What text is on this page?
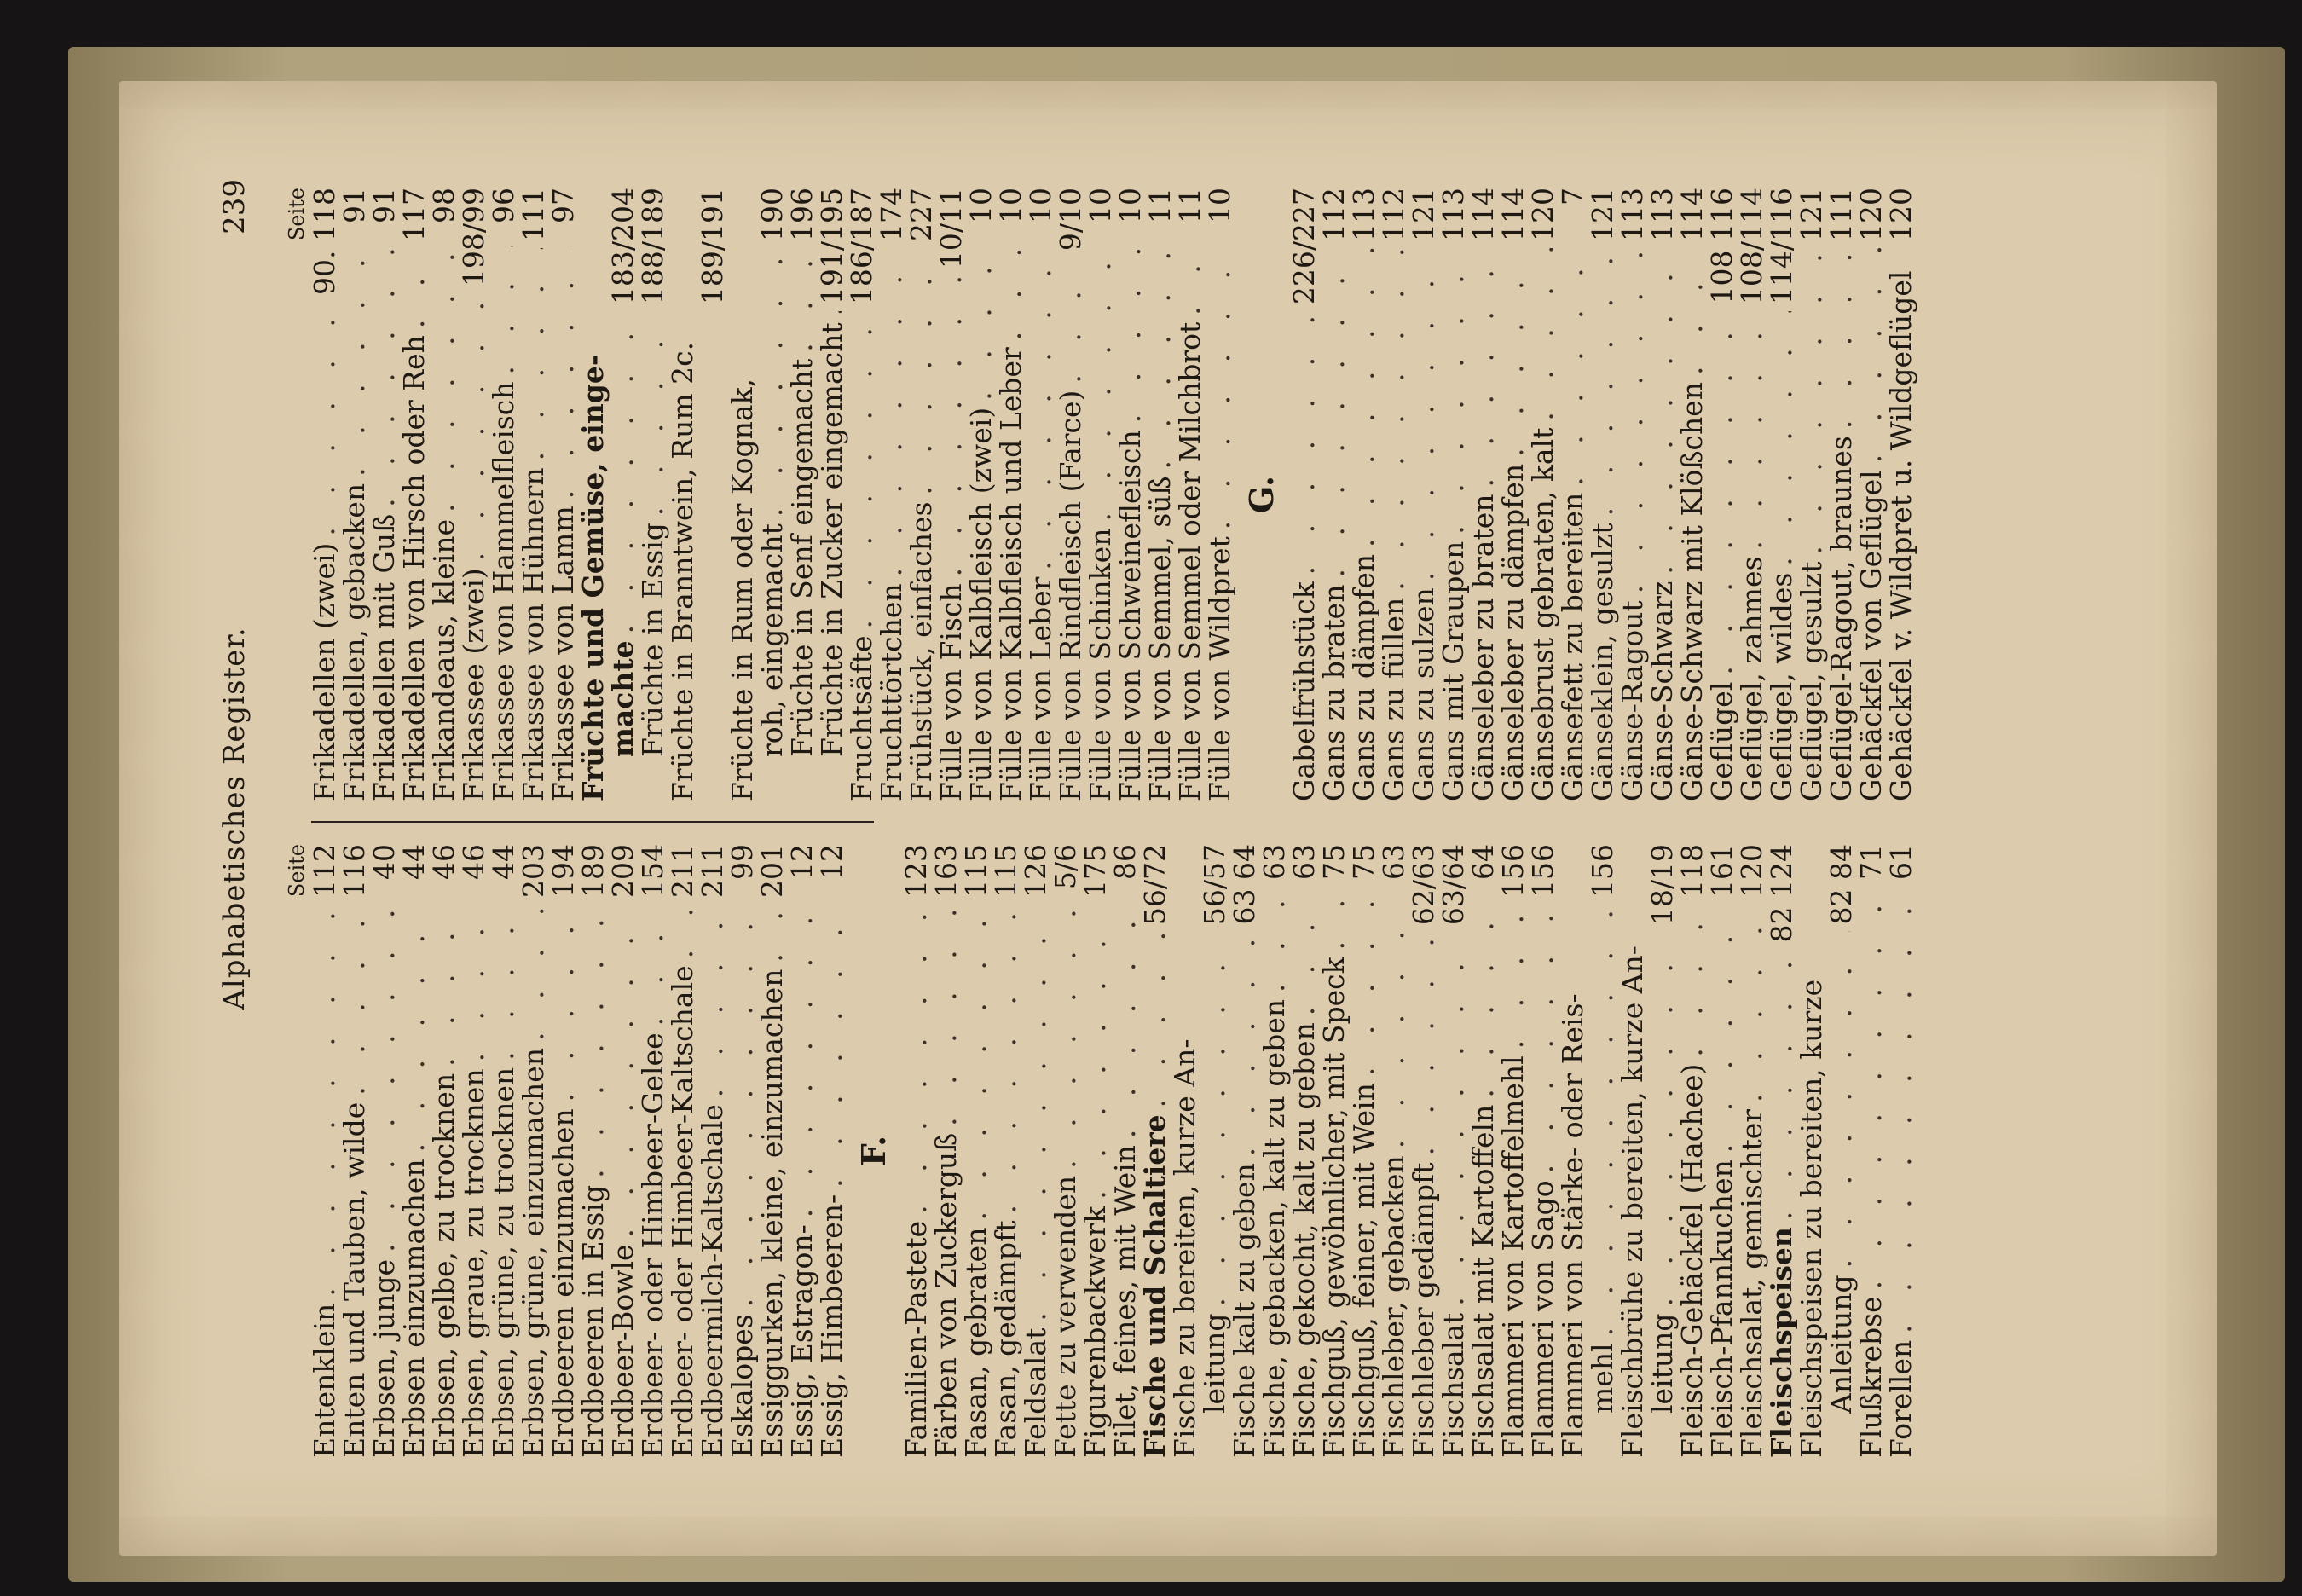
Alphabetisches Register.
239
Seite
Entenklein
. . .
112
Enten und Tauben, wilde
. . .
116
Erbsen, junge
. . .
40
Erbsen einzumachen
. . .
44
Erbsen, gelbe, zu trocknen
. . .
46
Erbsen, graue, zu trocknen
. . .
46
Erbsen, grüne, zu trocknen
. . .
44
Erbsen, grüne, einzumachen
. . .
203
Erdbeeren einzumachen
. . .
194
Erdbeeren in Essig
. . .
189
Erdbeer-Bowle
. . .
209
Erdbeer- oder Himbeer-Gelee
. . .
154
Erdbeer- oder Himbeer-Kaltschale
. . .
211
Erdbeermilch-Kaltschale
. . .
211
Eskalopes
. . .
99
Essiggurken, kleine, einzumachen
. . .
201
Essig, Estragon-
. . .
12
Essig, Himbeeren-
. . .
12
F.
Familien-Pastete
. . .
123
Färben von Zuckerguß
. . .
163
Fasan, gebraten
. . .
115
Fasan, gedämpft
. . .
115
Feldsalat
. . .
126
Fette zu verwenden
. . .
5/6
Figurenbackwerk
. . .
175
Filet, feines, mit Wein
. . .
86
Fische und Schaltiere
. . .
56/72
Fische zu bereiten, kurze An-
leitung
. . .
56/57
Fische kalt zu geben
. . .
63 64
Fische, gebacken, kalt zu geben
. . .
63
Fische, gekocht, kalt zu geben
. . .
63
Fischguß, gewöhnlicher, mit Speck
. . .
75
Fischguß, feiner, mit Wein
. . .
75
Fischleber, gebacken
. . .
63
Fischleber gedämpft
. . .
62/63
Fischsalat
. . .
63/64
Fischsalat mit Kartoffeln
. . .
64
Flammeri von Kartoffelmehl
. . .
156
Flammeri von Sago
. . .
156
Flammeri von Stärke- oder Reis-
mehl
. . .
156
Fleischbrühe zu bereiten, kurze An-
leitung
. . .
18/19
Fleisch-Gehäckfel (Hachee)
. . .
118
Fleisch-Pfannkuchen
. . .
161
Fleischsalat, gemischter
. . .
120
Fleischspeisen
. . .
82 124
Fleischspeisen zu bereiten, kurze
Anleitung
. . .
82 84
Flußkrebse
. . .
71
Forellen
. . .
61
Seite
Frikadellen (zwei)
. . .
90. 118
Frikadellen, gebacken
. . .
91
Frikadellen mit Guß
. . .
91
Frikadellen von Hirsch oder Reh
. . .
117
Frikandeaus, kleine
. . .
98
Frikassee (zwei)
. . .
198/99
Frikassee von Hammelfleisch
. . .
96
Frikassee von Hühnern
. . .
111
Frikassee von Lamm
. . .
97
Früchte und Gemüse, einge-
machte
. . .
183/204
Früchte in Essig
. . .
188/189
Früchte in Branntwein, Rum 2c.
189/191
Früchte in Rum oder Kognak,
roh, eingemacht
. . .
190
Früchte in Senf eingemacht
. . .
196
Früchte in Zucker eingemacht
. . .
191/195
Fruchtsäfte
. . .
186/187
Fruchttörtchen
. . .
174
Frühstück, einfaches
. . .
227
Fülle von Fisch
. . .
10/11
Fülle von Kalbfleisch (zwei)
. . .
10
Fülle von Kalbfleisch und Leber
. . .
10
Fülle von Leber
. . .
10
Fülle von Rindfleisch (Farce)
. . .
9/10
Fülle von Schinken
. . .
10
Fülle von Schweinefleisch
. . .
10
Fülle von Semmel, süß
. . .
11
Fülle von Semmel oder Milchbrot
. . .
11
Fülle von Wildpret
. . .
10
G.
Gabelfrühstück
. . .
226/227
Gans zu braten
. . .
112
Gans zu dämpfen
. . .
113
Gans zu füllen
. . .
112
Gans zu sulzen
. . .
121
Gans mit Graupen
. . .
113
Gänseleber zu braten
. . .
114
Gänseleber zu dämpfen
. . .
114
Gänsebrust gebraten, kalt
. . .
120
Gänsefett zu bereiten
. . .
7
Gänseklein, gesulzt
. . .
121
Gänse-Ragout
. . .
113
Gänse-Schwarz
. . .
113
Gänse-Schwarz mit Klößchen
. . .
114
Geflügel
. . .
108 116
Geflügel, zahmes
. . .
108/114
Geflügel, wildes
. . .
114/116
Geflügel, gesulzt
. . .
121
Geflügel-Ragout, braunes
. . .
111
Gehäckfel von Geflügel
. . .
120
Gehäckfel v. Wildpret u. Wildgeflügel
120
